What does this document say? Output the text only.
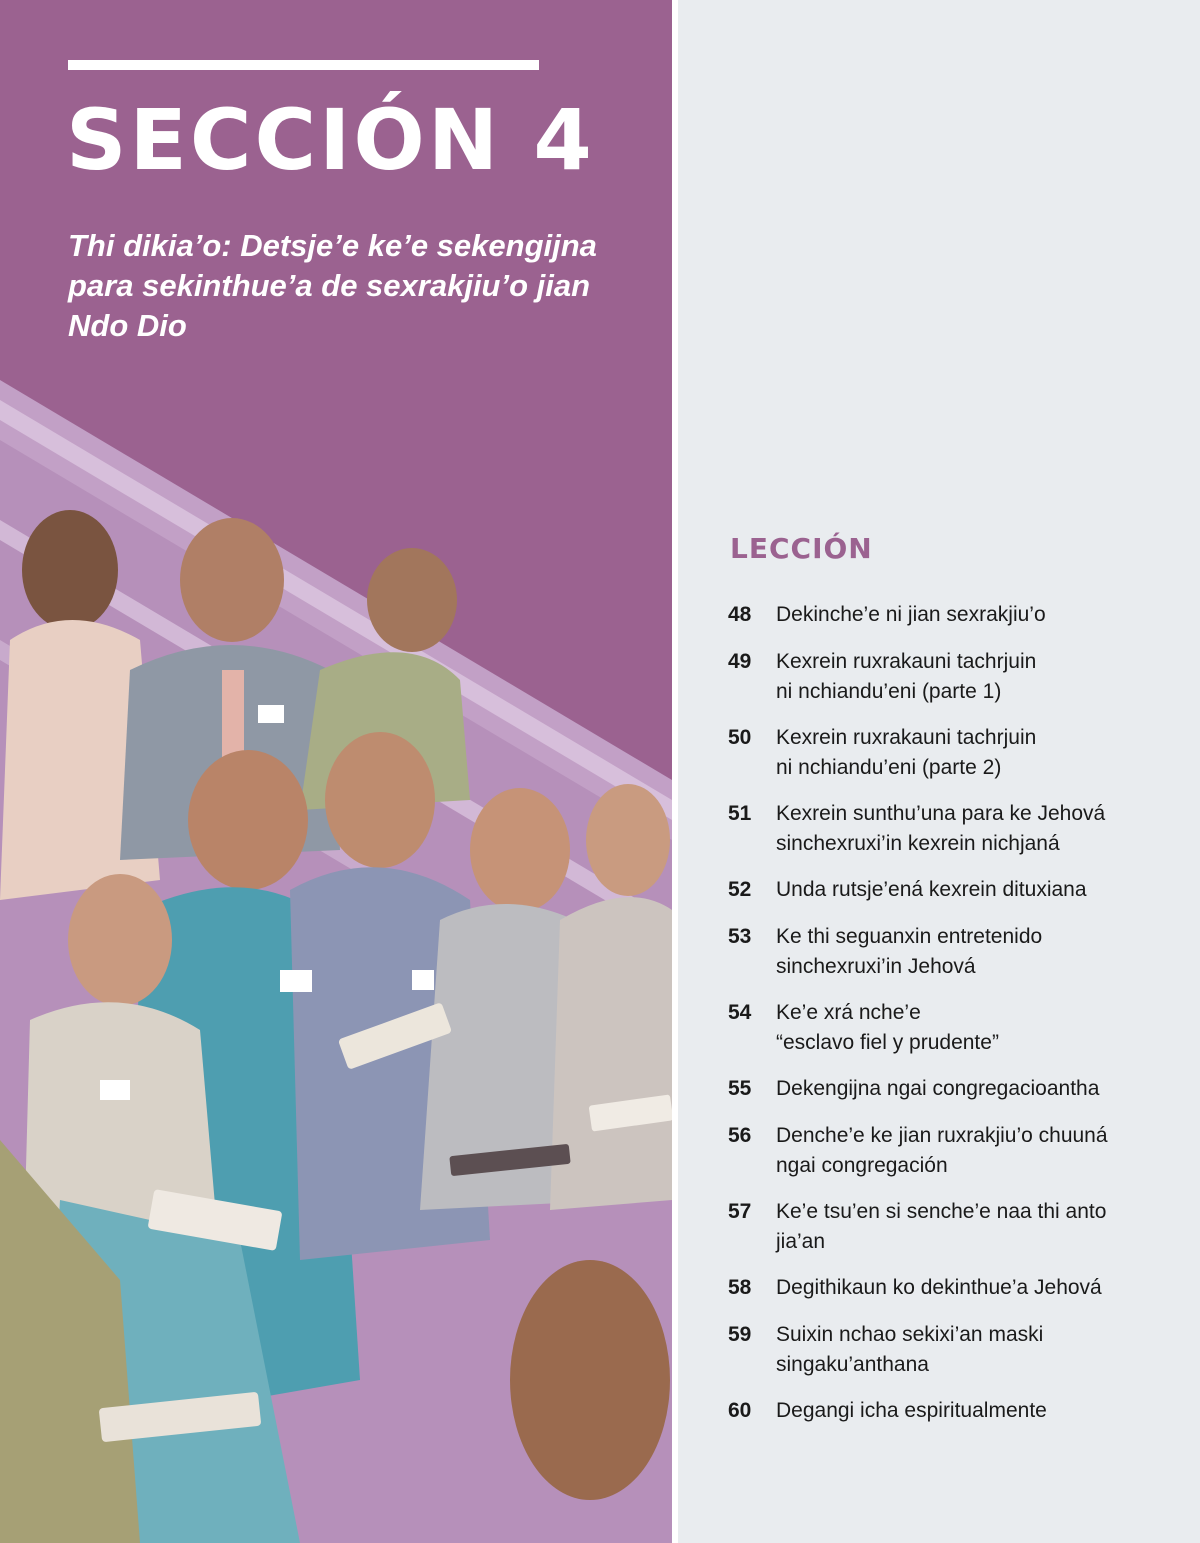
SECCIÓN 4

Thi dikia’o: Detsje’e ke’e sekengijna para sekinthue’a de sexrakjiu’o jian Ndo Dio

LECCIÓN
48	Dekinche’e ni jian sexrakjiu’o
49	Kexrein ruxrakauni tachrjuin
ni nchiandu’eni (parte 1)
50	Kexrein ruxrakauni tachrjuin
ni nchiandu’eni (parte 2)
51	Kexrein sunthu’una para ke Jehová
sinchexruxi’in kexrein nichjaná
52	Unda rutsje’ená kexrein dituxiana
53	Ke thi seguanxin entretenido
sinchexruxi’in Jehová
54	Ke’e xrá nche’e
“esclavo fiel y prudente”
55	Dekengijna ngai congregacioantha
56	Denche’e ke jian ruxrakjiu’o chuuná
ngai congregación
57	Ke’e tsu’en si senche’e naa thi anto
jia’an
58	Degithikaun ko dekinthue’a Jehová
59	Suixin nchao sekixi’an maski
singaku’anthana
60	Degangi icha espiritualmente
